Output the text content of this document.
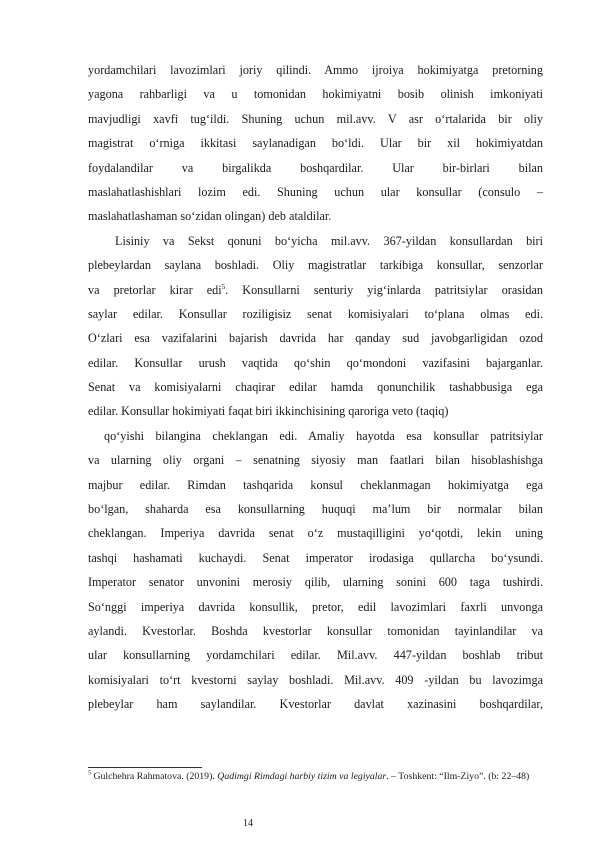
yordamchilari lavozimlari joriy qilindi. Ammo ijroiya hokimiyatga pretorning
yagona rahbarligi va u tomonidan hokimiyatni bosib olinish imkoniyati
mavjudligi xavfi tug‘ildi. Shuning uchun mil.avv. V asr o‘rtalarida bir oliy
magistrat o‘rniga ikkitasi saylanadigan bo‘ldi. Ular bir xil hokimiyatdan
foydalandilar va birgalikda boshqardilar. Ular bir-birlari bilan
maslahatlashishlari lozim edi. Shuning uchun ular konsullar (consulo –
maslahatlashaman so‘zidan olingan) deb ataldilar.
Lisiniy va Sekst qonuni bo‘yicha mil.avv. 367-yildan konsullardan biri
plebeylardan saylana boshladi. Oliy magistratlar tarkibiga konsullar, senzorlar
va pretorlar kirar edi$^5$. Konsullarni senturiy yig‘inlarda patritsiylar orasidan
saylar edilar. Konsullar roziligisiz senat komisiyalari to‘plana olmas edi.
O‘zlari esa vazifalarini bajarish davrida har qanday sud javobgarligidan ozod
edilar. Konsullar urush vaqtida qo‘shin qo‘mondoni vazifasini bajarganlar.
Senat va komisiyalarni chaqirar edilar hamda qonunchilik tashabbusiga ega
edilar. Konsullar hokimiyati faqat biri ikkinchisining qaroriga veto (taqiq)
qo‘yishi bilangina cheklangan edi. Amaliy hayotda esa konsullar patritsiylar
va ularning oliy organi – senatning siyosiy man faatlari bilan hisoblashishga
majbur edilar. Rimdan tashqarida konsul cheklanmagan hokimiyatga ega
bo‘lgan, shaharda esa konsullarning huquqi ma’lum bir normalar bilan
cheklangan. Imperiya davrida senat o‘z mustaqilligini yo‘qotdi, lekin uning
tashqi hashamati kuchaydi. Senat imperator irodasiga qullarcha bo‘ysundi.
Imperator senator unvonini merosiy qilib, ularning sonini 600 taga tushirdi.
So‘nggi imperiya davrida konsullik, pretor, edil lavozimlari faxrli unvonga
aylandi. Kvestorlar. Boshda kvestorlar konsullar tomonidan tayinlandilar va
ular konsullarning yordamchilari edilar. Mil.avv. 447-yildan boshlab tribut
komisiyalari to‘rt kvestorni saylay boshladi. Mil.avv. 409 -yildan bu lavozimga
plebeylar ham saylandilar. Kvestorlar davlat xazinasini boshqardilar,
$^5$ Gulchehra Rahmatova. (2019). Qadimgi Rimdagi harbiy tizim va legiyalar. – Toshkent: “Ilm-Ziyo”. (b: 22–48)
14
